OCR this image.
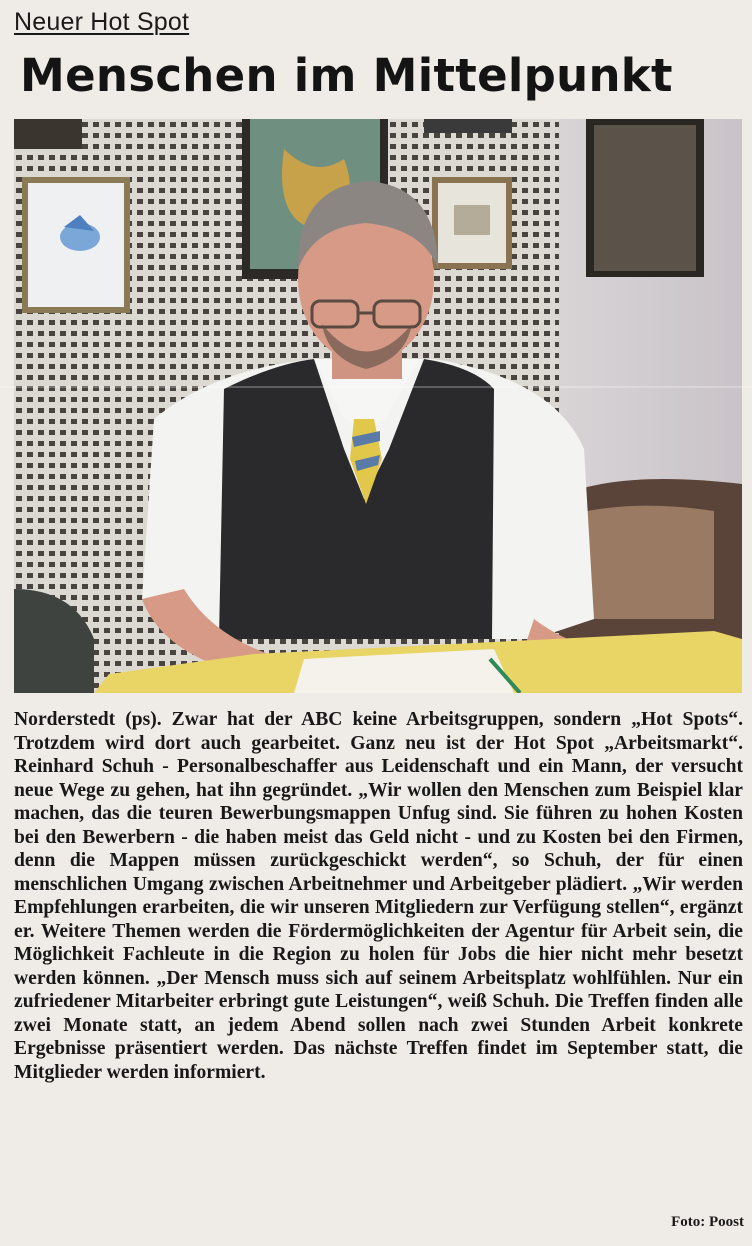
Neuer Hot Spot
Menschen im Mittelpunkt

Norderstedt (ps). Zwar hat der ABC keine Arbeitsgruppen, sondern „Hot Spots“. Trotzdem wird dort auch gearbeitet. Ganz neu ist der Hot Spot „Arbeitsmarkt“. Reinhard Schuh - Personalbeschaffer aus Leidenschaft und ein Mann, der versucht neue Wege zu gehen, hat ihn gegründet. „Wir wollen den Menschen zum Beispiel klar machen, das die teuren Bewerbungsmappen Unfug sind. Sie führen zu hohen Kosten bei den Bewerbern - die haben meist das Geld nicht - und zu Kosten bei den Firmen, denn die Mappen müssen zurückgeschickt werden“, so Schuh, der für einen menschlichen Umgang zwischen Arbeitnehmer und Arbeitgeber plädiert. „Wir werden Empfehlungen erarbeiten, die wir unseren Mitgliedern zur Verfügung stellen“, ergänzt er. Weitere Themen werden die Fördermöglichkeiten der Agentur für Arbeit sein, die Möglichkeit Fachleute in die Region zu holen für Jobs die hier nicht mehr besetzt werden können. „Der Mensch muss sich auf seinem Arbeitsplatz wohlfühlen. Nur ein zufriedener Mitarbeiter erbringt gute Leistungen“, weiß Schuh. Die Treffen finden alle zwei Monate statt, an jedem Abend sollen nach zwei Stunden Arbeit konkrete Ergebnisse präsentiert werden. Das nächste Treffen findet im September statt, die Mitglieder werden informiert.

Foto: Poost
